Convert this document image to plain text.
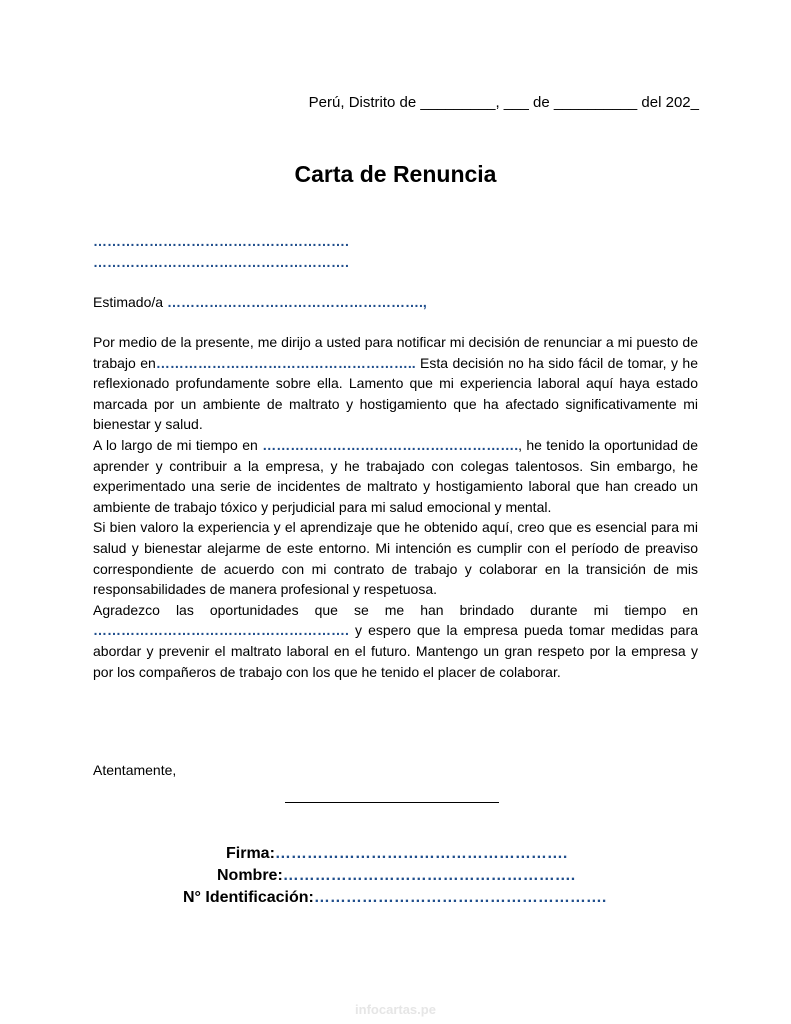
Perú, Distrito de _________, ___ de __________ del 202_
Carta de Renuncia
……………………………………………….
……………………………………………….
Estimado/a ……………………………………………….,

Por medio de la presente, me dirijo a usted para notificar mi decisión de renunciar a mi puesto de trabajo en……………………………………………….. Esta decisión no ha sido fácil de tomar, y he reflexionado profundamente sobre ella. Lamento que mi experiencia laboral aquí haya estado marcada por un ambiente de maltrato y hostigamiento que ha afectado significativamente mi bienestar y salud.

A lo largo de mi tiempo en ………………………………………………., he tenido la oportunidad de aprender y contribuir a la empresa, y he trabajado con colegas talentosos. Sin embargo, he experimentado una serie de incidentes de maltrato y hostigamiento laboral que han creado un ambiente de trabajo tóxico y perjudicial para mi salud emocional y mental.

Si bien valoro la experiencia y el aprendizaje que he obtenido aquí, creo que es esencial para mi salud y bienestar alejarme de este entorno. Mi intención es cumplir con el período de preaviso correspondiente de acuerdo con mi contrato de trabajo y colaborar en la transición de mis responsabilidades de manera profesional y respetuosa.

Agradezco las oportunidades que se me han brindado durante mi tiempo en ………………………………………………. y espero que la empresa pueda tomar medidas para abordar y prevenir el maltrato laboral en el futuro. Mantengo un gran respeto por la empresa y por los compañeros de trabajo con los que he tenido el placer de colaborar.

Atentamente,
Firma:……………………………………………….
Nombre:……………………………………………….
N° Identificación:……………………………………………….
infocartas.pe
